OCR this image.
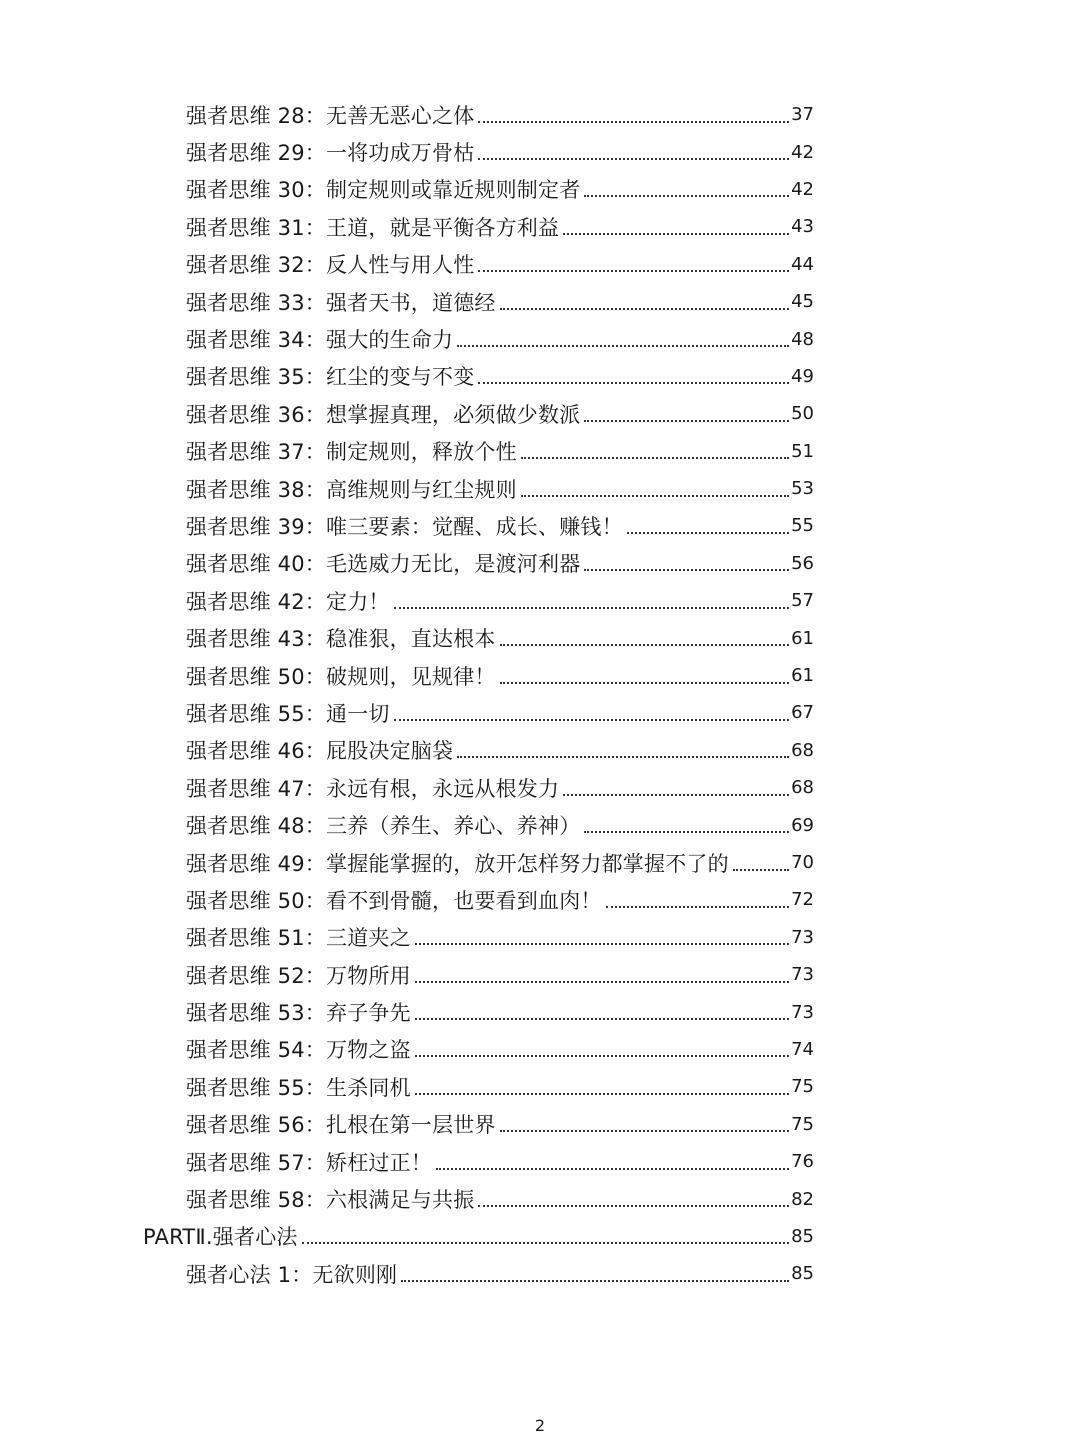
强者思维 28：无善无恶心之体	37
强者思维 29：一将功成万骨枯	42
强者思维 30：制定规则或靠近规则制定者	42
强者思维 31：王道，就是平衡各方利益	43
强者思维 32：反人性与用人性	44
强者思维 33：强者天书，道德经	45
强者思维 34：强大的生命力	48
强者思维 35：红尘的变与不变	49
强者思维 36：想掌握真理，必须做少数派	50
强者思维 37：制定规则，释放个性	51
强者思维 38：高维规则与红尘规则	53
强者思维 39：唯三要素：觉醒、成长、赚钱！	55
强者思维 40：毛选威力无比，是渡河利器	56
强者思维 42：定力！	57
强者思维 43：稳准狠，直达根本	61
强者思维 50：破规则，见规律！	61
强者思维 55：通一切	67
强者思维 46：屁股决定脑袋	68
强者思维 47：永远有根，永远从根发力	68
强者思维 48：三养（养生、养心、养神）	69
强者思维 49：掌握能掌握的，放开怎样努力都掌握不了的	70
强者思维 50：看不到骨髓，也要看到血肉！	72
强者思维 51：三道夹之	73
强者思维 52：万物所用	73
强者思维 53：弃子争先	73
强者思维 54：万物之盗	74
强者思维 55：生杀同机	75
强者思维 56：扎根在第一层世界	75
强者思维 57：矫枉过正！	76
强者思维 58：六根满足与共振	82
PARTⅡ.强者心法	85
强者心法 1：无欲则刚	85
2
